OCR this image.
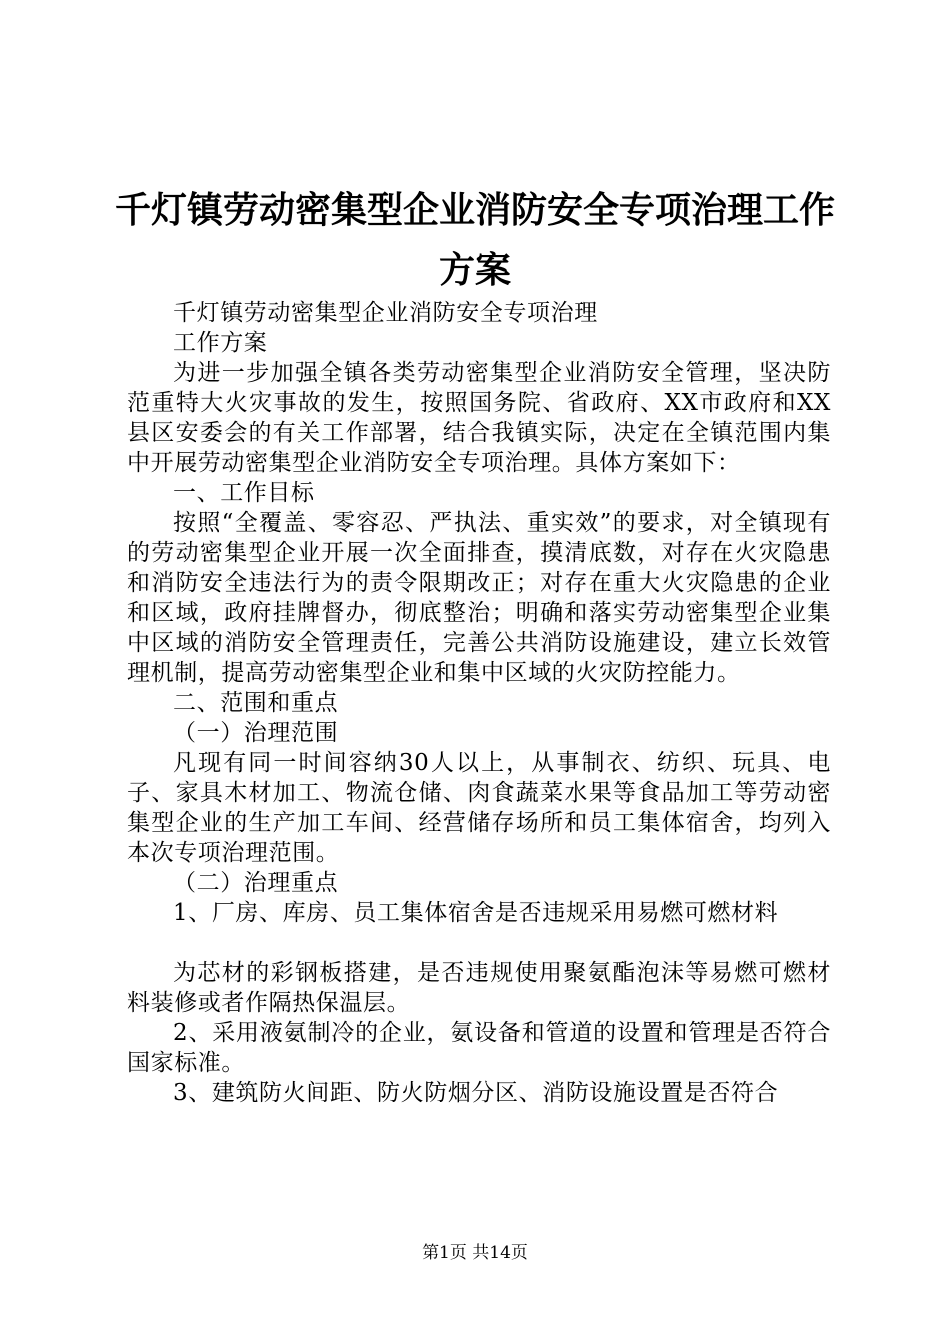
千灯镇劳动密集型企业消防安全专项治理工作
方案

千灯镇劳动密集型企业消防安全专项治理

工作方案

为进一步加强全镇各类劳动密集型企业消防安全管理，坚决防范重特大火灾事故的发生，按照国务院、省政府、XX市政府和XX县区安委会的有关工作部署，结合我镇实际，决定在全镇范围内集中开展劳动密集型企业消防安全专项治理。具体方案如下：

一、工作目标

按照“全覆盖、零容忍、严执法、重实效”的要求，对全镇现有的劳动密集型企业开展一次全面排查，摸清底数，对存在火灾隐患和消防安全违法行为的责令限期改正；对存在重大火灾隐患的企业和区域，政府挂牌督办，彻底整治；明确和落实劳动密集型企业集中区域的消防安全管理责任，完善公共消防设施建设，建立长效管理机制，提高劳动密集型企业和集中区域的火灾防控能力。

二、范围和重点

（一）治理范围

凡现有同一时间容纳30人以上，从事制衣、纺织、玩具、电子、家具木材加工、物流仓储、肉食蔬菜水果等食品加工等劳动密集型企业的生产加工车间、经营储存场所和员工集体宿舍，均列入本次专项治理范围。

（二）治理重点

1、厂房、库房、员工集体宿舍是否违规采用易燃可燃材料

为芯材的彩钢板搭建，是否违规使用聚氨酯泡沫等易燃可燃材料装修或者作隔热保温层。

2、采用液氨制冷的企业，氨设备和管道的设置和管理是否符合国家标准。

3、建筑防火间距、防火防烟分区、消防设施设置是否符合

第1页 共14页
